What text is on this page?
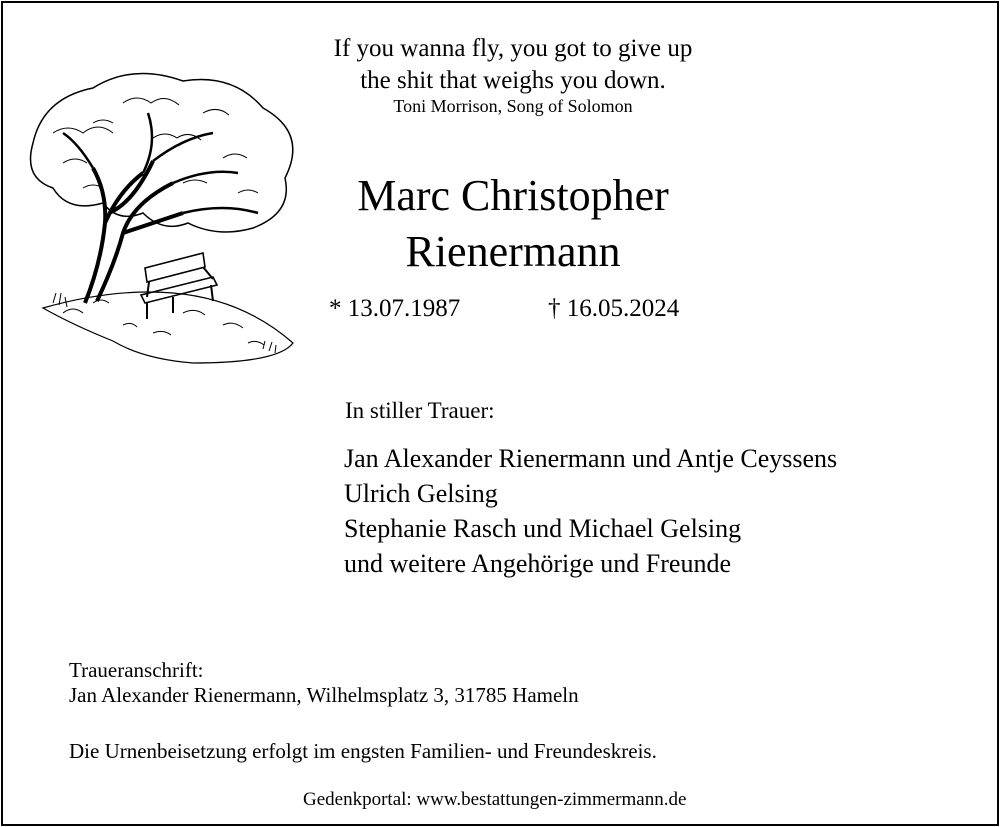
If you wanna fly, you got to give up
the shit that weighs you down.
Toni Morrison, Song of Solomon
Marc Christopher
Rienermann
* 13.07.1987	† 16.05.2024
In stiller Trauer:
Jan Alexander Rienermann und Antje Ceyssens
Ulrich Gelsing
Stephanie Rasch und Michael Gelsing
und weitere Angehörige und Freunde
Traueranschrift:
Jan Alexander Rienermann, Wilhelmsplatz 3, 31785 Hameln
Die Urnenbeisetzung erfolgt im engsten Familien- und Freundeskreis.
Gedenkportal: www.bestattungen-zimmermann.de
